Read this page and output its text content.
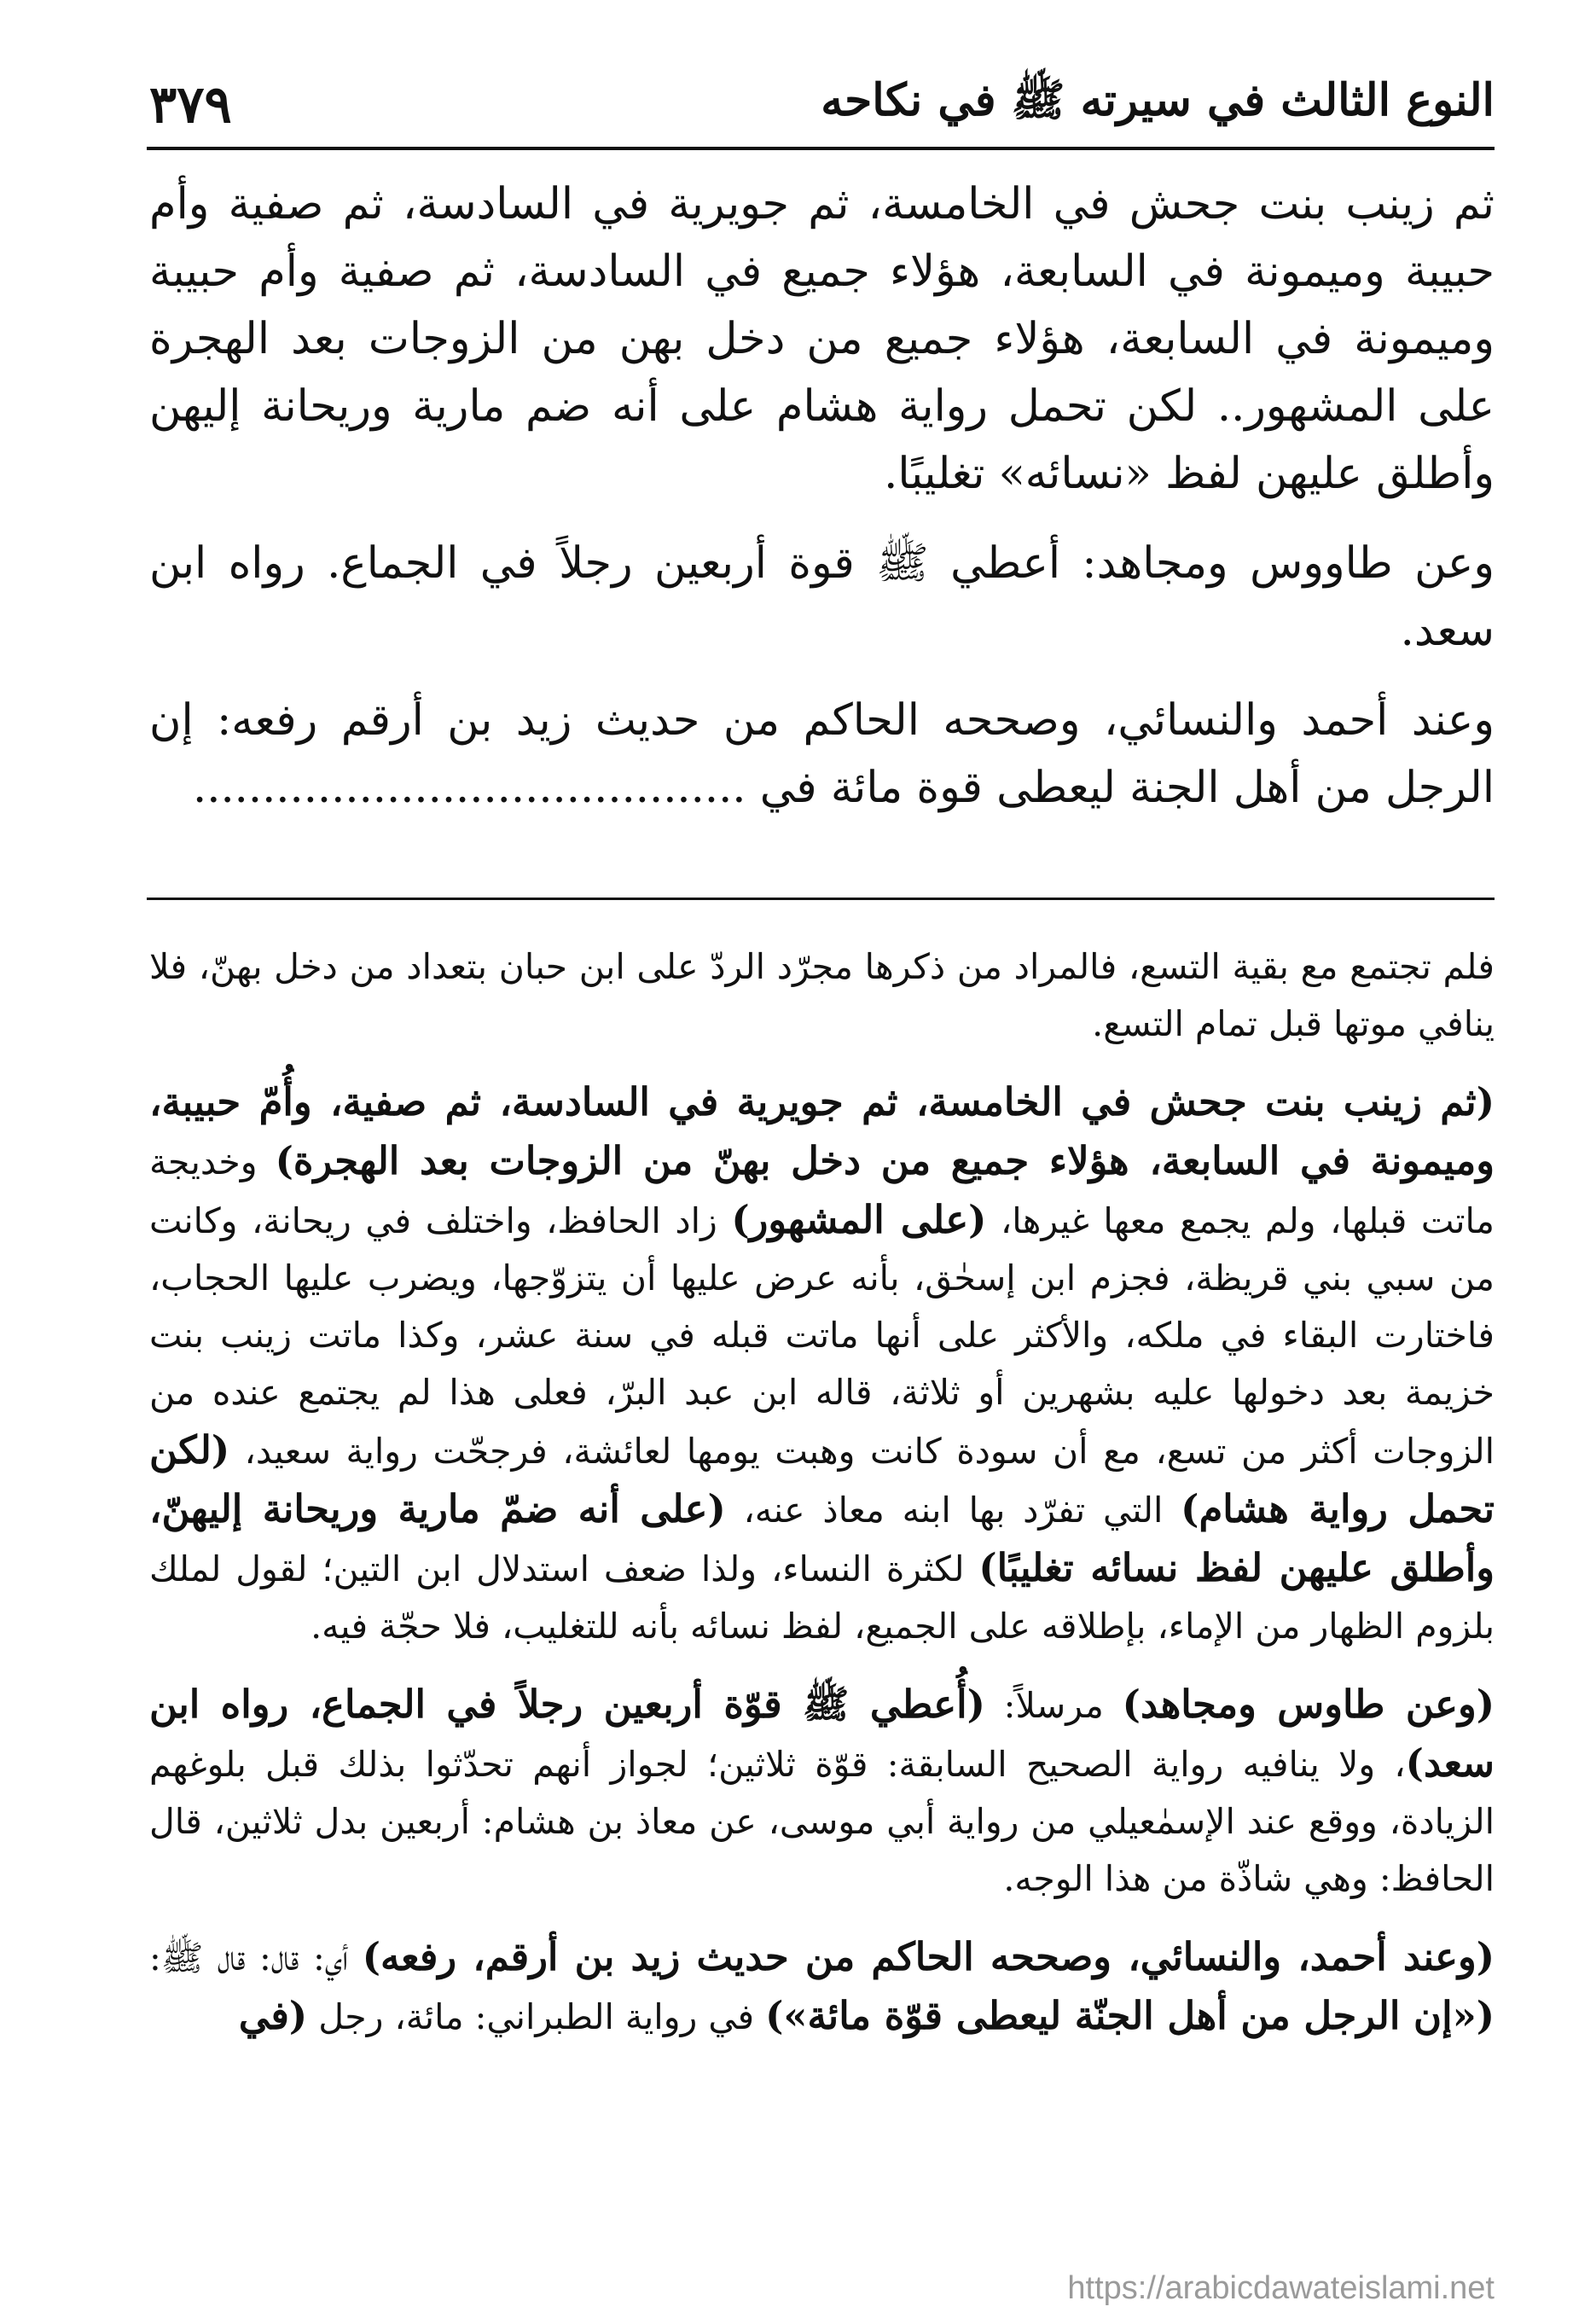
النوع الثالث في سيرته ﷺ في نكاحه
٣٧٩

ثم زينب بنت جحش في الخامسة، ثم جويرية في السادسة، ثم صفية وأم حبيبة وميمونة في السابعة، هؤلاء جميع في السادسة، ثم صفية وأم حبيبة وميمونة في السابعة، هؤلاء جميع من دخل بهن من الزوجات بعد الهجرة على المشهور.. لكن تحمل رواية هشام على أنه ضم مارية وريحانة إليهن وأطلق عليهن لفظ «نسائه» تغليبًا.

وعن طاووس ومجاهد: أعطي ﷺ قوة أربعين رجلاً في الجماع. رواه ابن سعد.

وعند أحمد والنسائي، وصححه الحاكم من حديث زيد بن أرقم رفعه: إن الرجل من أهل الجنة ليعطى قوة مائة في ........................................

فلم تجتمع مع بقية التسع، فالمراد من ذكرها مجرّد الردّ على ابن حبان بتعداد من دخل بهنّ، فلا ينافي موتها قبل تمام التسع.

(ثم زينب بنت جحش في الخامسة، ثم جويرية في السادسة، ثم صفية، وأُمّ حبيبة، وميمونة في السابعة، هؤلاء جميع من دخل بهنّ من الزوجات بعد الهجرة) وخديجة ماتت قبلها، ولم يجمع معها غيرها، (على المشهور) زاد الحافظ، واختلف في ريحانة، وكانت من سبي بني قريظة، فجزم ابن إسحٰق، بأنه عرض عليها أن يتزوّجها، ويضرب عليها الحجاب، فاختارت البقاء في ملكه، والأكثر على أنها ماتت قبله في سنة عشر، وكذا ماتت زينب بنت خزيمة بعد دخولها عليه بشهرين أو ثلاثة، قاله ابن عبد البرّ، فعلى هذا لم يجتمع عنده من الزوجات أكثر من تسع، مع أن سودة كانت وهبت يومها لعائشة، فرجحّت رواية سعيد، (لكن تحمل رواية هشام) التي تفرّد بها ابنه معاذ عنه، (على أنه ضمّ مارية وريحانة إليهنّ، وأطلق عليهن لفظ نسائه تغليبًا) لكثرة النساء، ولذا ضعف استدلال ابن التين؛ لقول لملك بلزوم الظهار من الإماء، بإطلاقه على الجميع، لفظ نسائه بأنه للتغليب، فلا حجّة فيه.

(وعن طاوس ومجاهد) مرسلاً: (أُعطي ﷺ قوّة أربعين رجلاً في الجماع، رواه ابن سعد)، ولا ينافيه رواية الصحيح السابقة: قوّة ثلاثين؛ لجواز أنهم تحدّثوا بذلك قبل بلوغهم الزيادة، ووقع عند الإسمٰعيلي من رواية أبي موسى، عن معاذ بن هشام: أربعين بدل ثلاثين، قال الحافظ: وهي شاذّة من هذا الوجه.

(وعند أحمد، والنسائي، وصححه الحاكم من حديث زيد بن أرقم، رفعه) أي: قال: قال ﷺ: («إن الرجل من أهل الجنّة ليعطى قوّة مائة») في رواية الطبراني: مائة، رجل (في

https://arabicdawateislami.net
